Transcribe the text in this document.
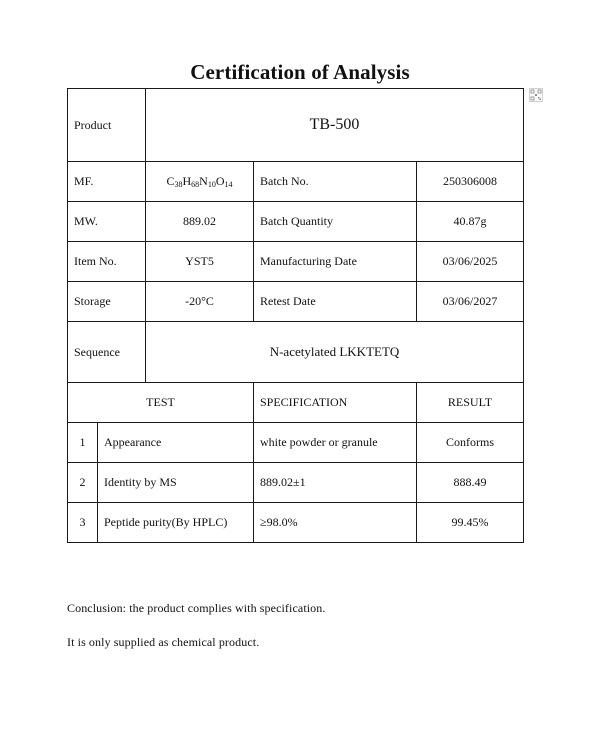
Certification of Analysis
Product		TB-500		
MF.		$C_{38}H_{68}N_{10}O_{14}$	Batch No.	250306008
MW.		889.02	Batch Quantity	40.87g
Item No.		YST5	Manufacturing Date	03/06/2025
Storage		-20°C	Retest Date	03/06/2027
Sequence		N-acetylated LKKTETQ		
TEST			SPECIFICATION	RESULT
1	Appearance		white powder or granule	Conforms
2	Identity by MS		889.02±1	888.49
3	Peptide purity(By HPLC)		≥98.0%	99.45%
Conclusion: the product complies with specification.
It is only supplied as chemical product.
